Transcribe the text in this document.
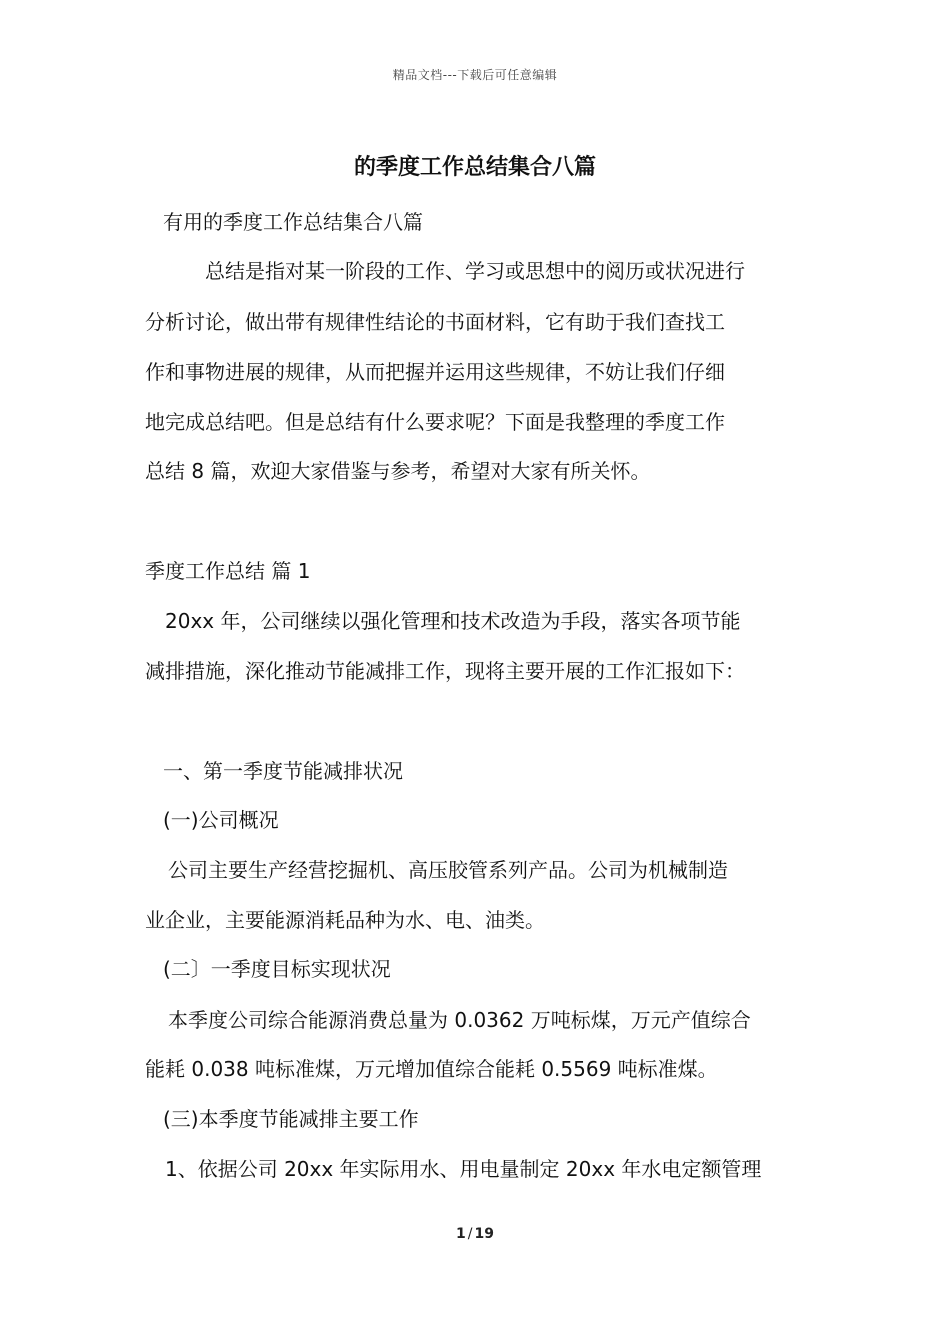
精品文档---下载后可任意编辑
的季度工作总结集合八篇
有用的季度工作总结集合八篇
总结是指对某一阶段的工作、学习或思想中的阅历或状况进行
分析讨论，做出带有规律性结论的书面材料，它有助于我们查找工
作和事物进展的规律，从而把握并运用这些规律，不妨让我们仔细
地完成总结吧。但是总结有什么要求呢？下面是我整理的季度工作
总结 8 篇，欢迎大家借鉴与参考，希望对大家有所关怀。
季度工作总结 篇 1
20xx 年，公司继续以强化管理和技术改造为手段，落实各项节能
减排措施，深化推动节能减排工作，现将主要开展的工作汇报如下：
一、第一季度节能减排状况
(一)公司概况
公司主要生产经营挖掘机、高压胶管系列产品。公司为机械制造
业企业，主要能源消耗品种为水、电、油类。
(二〕一季度目标实现状况
本季度公司综合能源消费总量为 0.0362 万吨标煤，万元产值综合
能耗 0.038 吨标准煤，万元增加值综合能耗 0.5569 吨标准煤。
(三)本季度节能减排主要工作
1、依据公司 20xx 年实际用水、用电量制定 20xx 年水电定额管理
1 / 19
